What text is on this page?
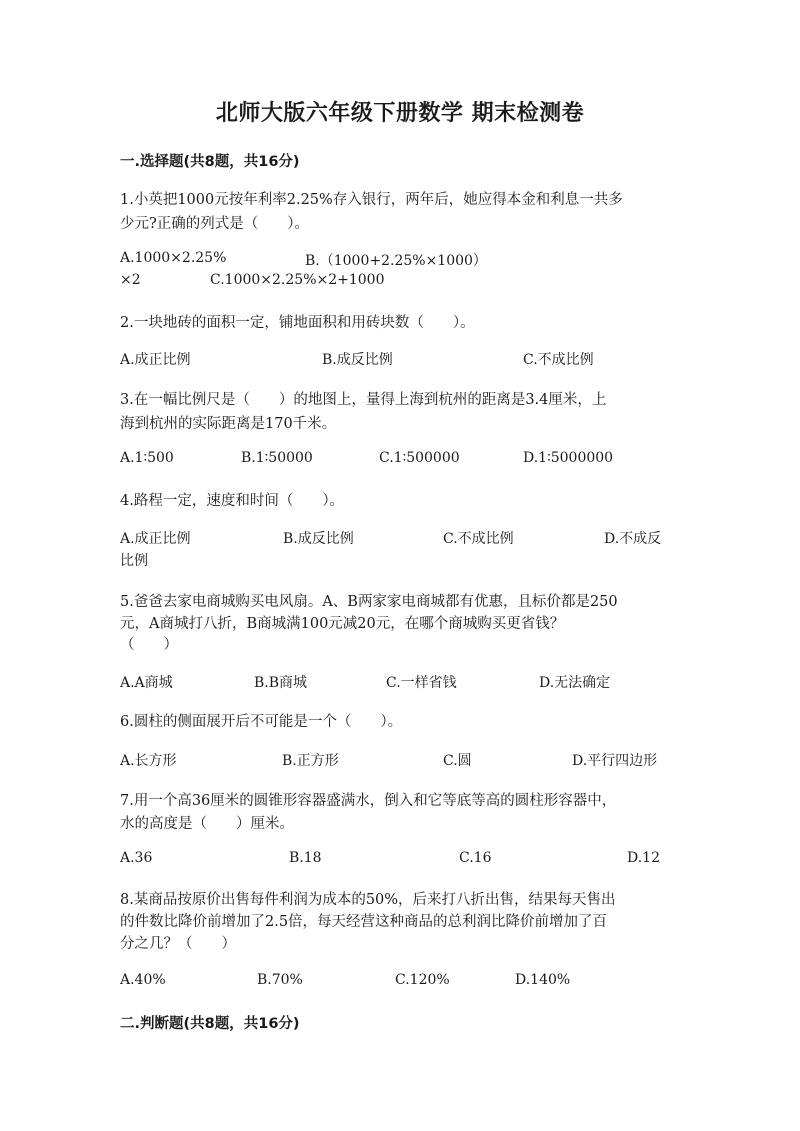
北师大版六年级下册数学 期末检测卷
一.选择题(共8题，共16分)
1.小英把1000元按年利率2.25%存入银行，两年后，她应得本金和利息一共多
少元?正确的列式是（　　）。
A.1000×2.25%	B.（1000+2.25%×1000）
×2	C.1000×2.25%×2+1000
2.一块地砖的面积一定，铺地面积和用砖块数（　　）。
A.成正比例	B.成反比例	C.不成比例
3.在一幅比例尺是（　　）的地图上，量得上海到杭州的距离是3.4厘米，上
海到杭州的实际距离是170千米。
A.1∶500	B.1∶50000	C.1∶500000	D.1∶5000000
4.路程一定，速度和时间（　　）。
A.成正比例	B.成反比例	C.不成比例	D.不成反
比例
5.爸爸去家电商城购买电风扇。A、B两家家电商城都有优惠，且标价都是250
元，A商城打八折，B商城满100元减20元，在哪个商城购买更省钱？
（　　）
A.A商城	B.B商城	C.一样省钱	D.无法确定
6.圆柱的侧面展开后不可能是一个（　　）。
A.长方形	B.正方形	C.圆	D.平行四边形
7.用一个高36厘米的圆锥形容器盛满水，倒入和它等底等高的圆柱形容器中，
水的高度是（　　）厘米。
A.36	B.18	C.16	D.12
8.某商品按原价出售每件利润为成本的50%，后来打八折出售，结果每天售出
的件数比降价前增加了2.5倍，每天经营这种商品的总利润比降价前增加了百
分之几？（　　）
A.40%	B.70%	C.120%	D.140%
二.判断题(共8题，共16分)
